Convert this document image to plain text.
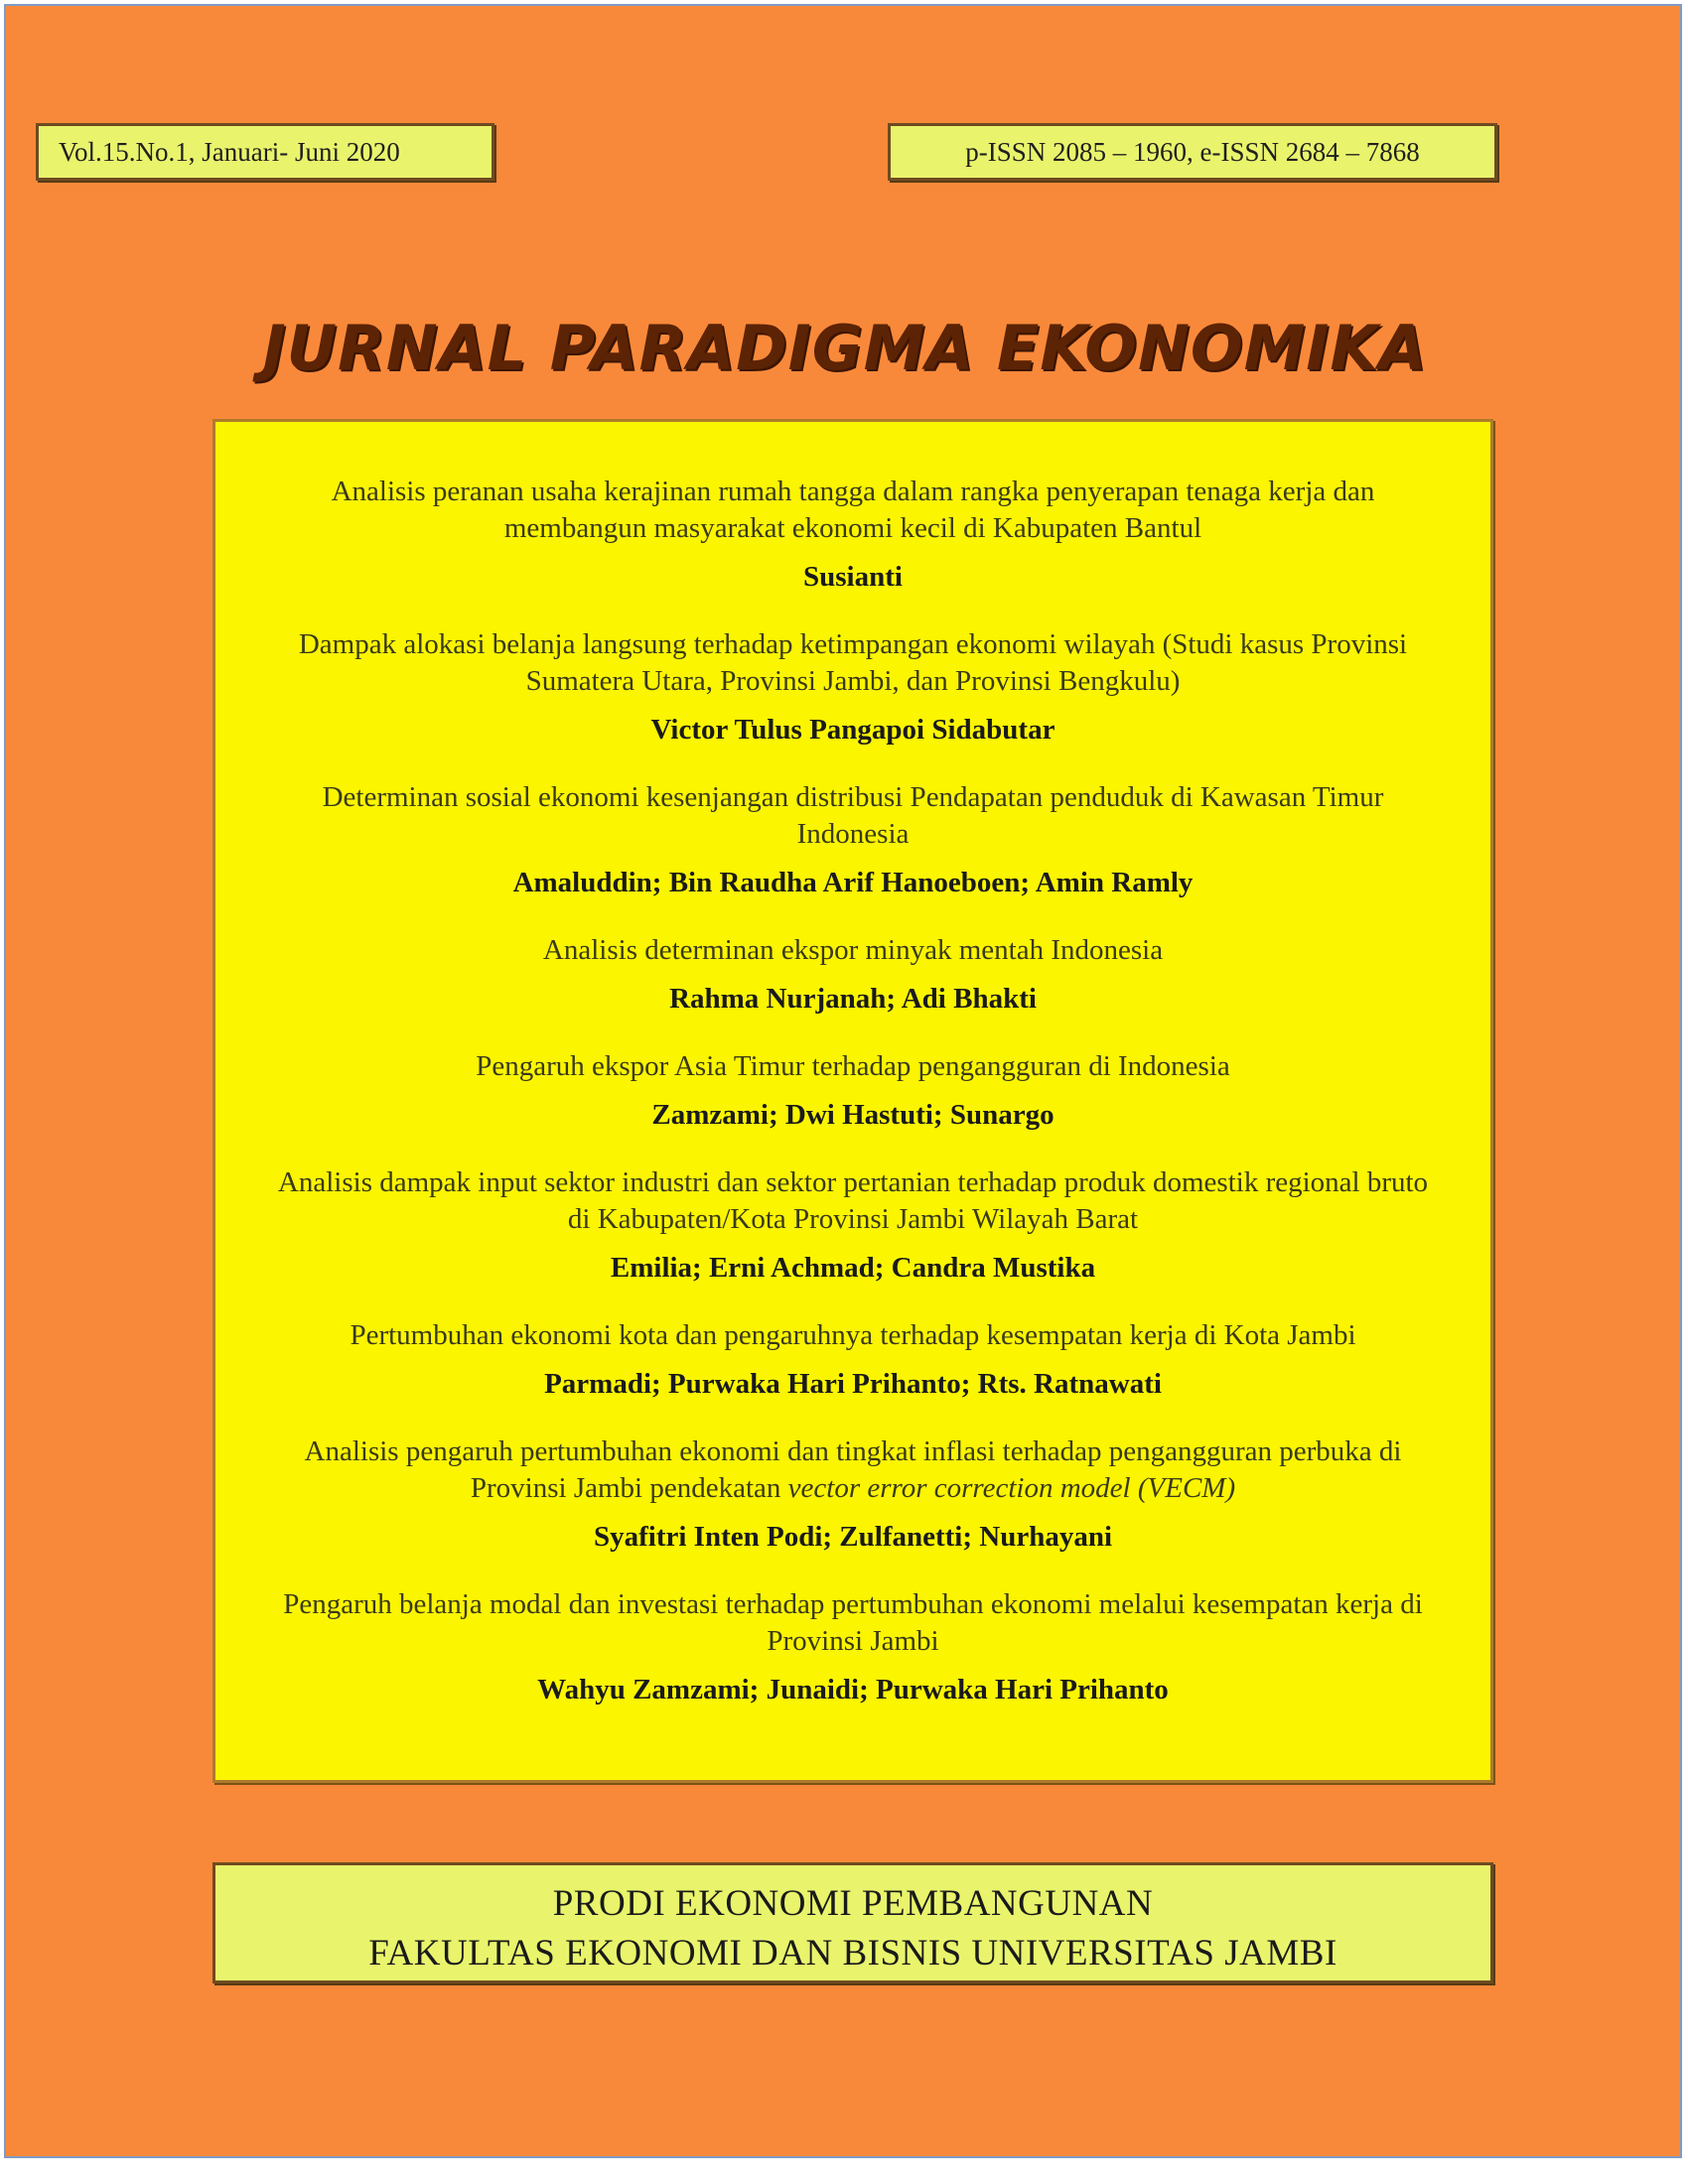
Vol.15.No.1, Januari- Juni 2020	p-ISSN 2085 – 1960, e-ISSN 2684 – 7868
JURNAL PARADIGMA EKONOMIKA
Analisis peranan usaha kerajinan rumah tangga dalam rangka penyerapan tenaga kerja dan membangun masyarakat ekonomi kecil di Kabupaten Bantul
Susianti
Dampak alokasi belanja langsung terhadap ketimpangan ekonomi wilayah (Studi kasus Provinsi Sumatera Utara, Provinsi Jambi, dan Provinsi Bengkulu)
Victor Tulus Pangapoi Sidabutar
Determinan sosial ekonomi kesenjangan distribusi Pendapatan penduduk di Kawasan Timur Indonesia
Amaluddin; Bin Raudha Arif Hanoeboen; Amin Ramly
Analisis determinan ekspor minyak mentah Indonesia
Rahma Nurjanah; Adi Bhakti
Pengaruh ekspor Asia Timur terhadap pengangguran di Indonesia
Zamzami; Dwi Hastuti; Sunargo
Analisis dampak input sektor industri dan sektor pertanian terhadap produk domestik regional bruto di Kabupaten/Kota Provinsi Jambi Wilayah Barat
Emilia; Erni Achmad; Candra Mustika
Pertumbuhan ekonomi kota dan pengaruhnya terhadap kesempatan kerja di Kota Jambi
Parmadi; Purwaka Hari Prihanto; Rts. Ratnawati
Analisis pengaruh pertumbuhan ekonomi dan tingkat inflasi terhadap pengangguran perbuka di Provinsi Jambi pendekatan vector error correction model (VECM)
Syafitri Inten Podi; Zulfanetti; Nurhayani
Pengaruh belanja modal dan investasi terhadap pertumbuhan ekonomi melalui kesempatan kerja di Provinsi Jambi
Wahyu Zamzami; Junaidi; Purwaka Hari Prihanto
PRODI EKONOMI PEMBANGUNAN
FAKULTAS EKONOMI DAN BISNIS UNIVERSITAS JAMBI
